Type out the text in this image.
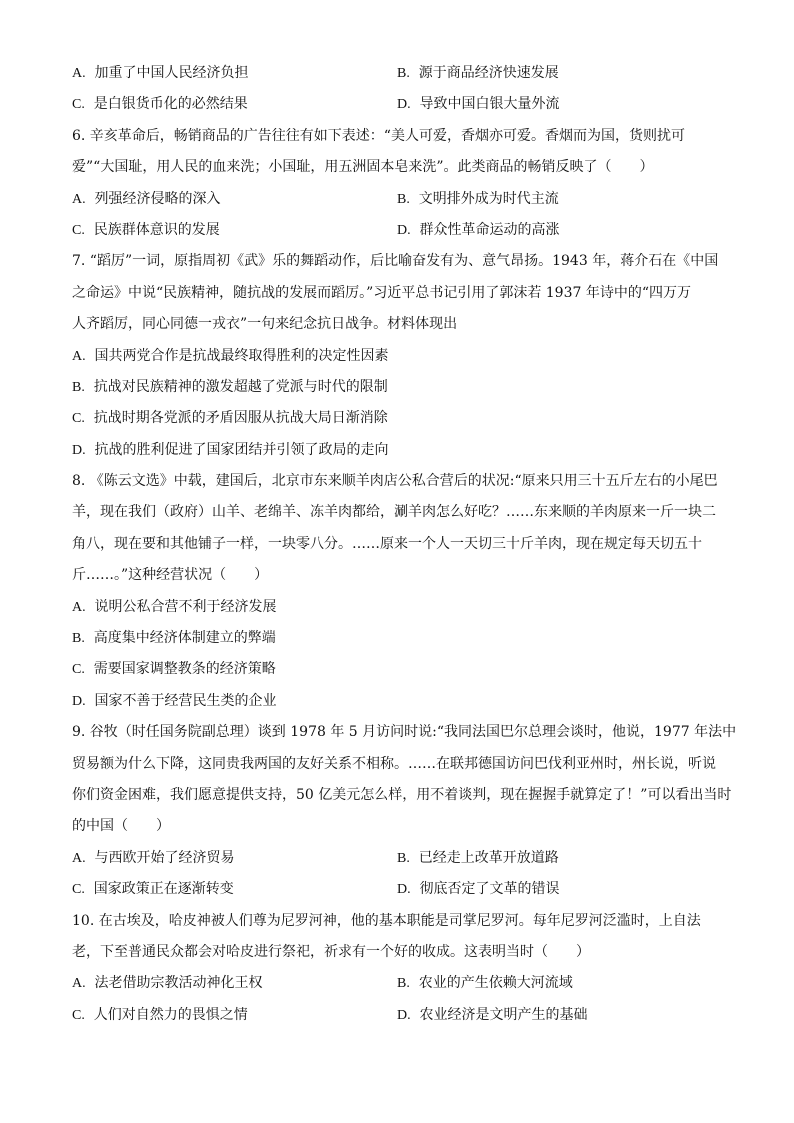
A. 加重了中国人民经济负担	B. 源于商品经济快速发展
C. 是白银货币化的必然结果	D. 导致中国白银大量外流
6. 辛亥革命后，畅销商品的广告往往有如下表述：“美人可爱，香烟亦可爱。香烟而为国，货则扰可
爱”“大国耻，用人民的血来洗；小国耻，用五洲固本皂来洗”。此类商品的畅销反映了（　　）
A. 列强经济侵略的深入	B. 文明排外成为时代主流
C. 民族群体意识的发展	D. 群众性革命运动的高涨
7. “蹈厉”一词，原指周初《武》乐的舞蹈动作，后比喻奋发有为、意气昂扬。1943 年，蒋介石在《中国
之命运》中说“民族精神，随抗战的发展而蹈厉。”习近平总书记引用了郭沫若 1937 年诗中的“四万万
人齐蹈厉，同心同德一戎衣”一句来纪念抗日战争。材料体现出
A. 国共两党合作是抗战最终取得胜利的决定性因素
B. 抗战对民族精神的激发超越了党派与时代的限制
C. 抗战时期各党派的矛盾因服从抗战大局日渐消除
D. 抗战的胜利促进了国家团结并引领了政局的走向
8. 《陈云文选》中载，建国后，北京市东来顺羊肉店公私合营后的状况:“原来只用三十五斤左右的小尾巴
羊，现在我们（政府）山羊、老绵羊、冻羊肉都给，涮羊肉怎么好吃？……东来顺的羊肉原来一斤一块二
角八，现在要和其他铺子一样，一块零八分。……原来一个人一天切三十斤羊肉，现在规定每天切五十
斤……。”这种经营状况（　　）
A. 说明公私合营不利于经济发展
B. 高度集中经济体制建立的弊端
C. 需要国家调整教条的经济策略
D. 国家不善于经营民生类的企业
9. 谷牧（时任国务院副总理）谈到 1978 年 5 月访问时说:“我同法国巴尔总理会谈时，他说，1977 年法中
贸易额为什么下降，这同贵我两国的友好关系不相称。……在联邦德国访问巴伐利亚州时，州长说，听说
你们资金困难，我们愿意提供支持，50 亿美元怎么样，用不着谈判，现在握握手就算定了！”可以看出当时
的中国（　　）
A. 与西欧开始了经济贸易	B. 已经走上改革开放道路
C. 国家政策正在逐渐转变	D. 彻底否定了文革的错误
10. 在古埃及，哈皮神被人们尊为尼罗河神，他的基本职能是司掌尼罗河。每年尼罗河泛滥时，上自法
老，下至普通民众都会对哈皮进行祭祀，祈求有一个好的收成。这表明当时（　　）
A. 法老借助宗教活动神化王权	B. 农业的产生依赖大河流域
C. 人们对自然力的畏惧之情	D. 农业经济是文明产生的基础
